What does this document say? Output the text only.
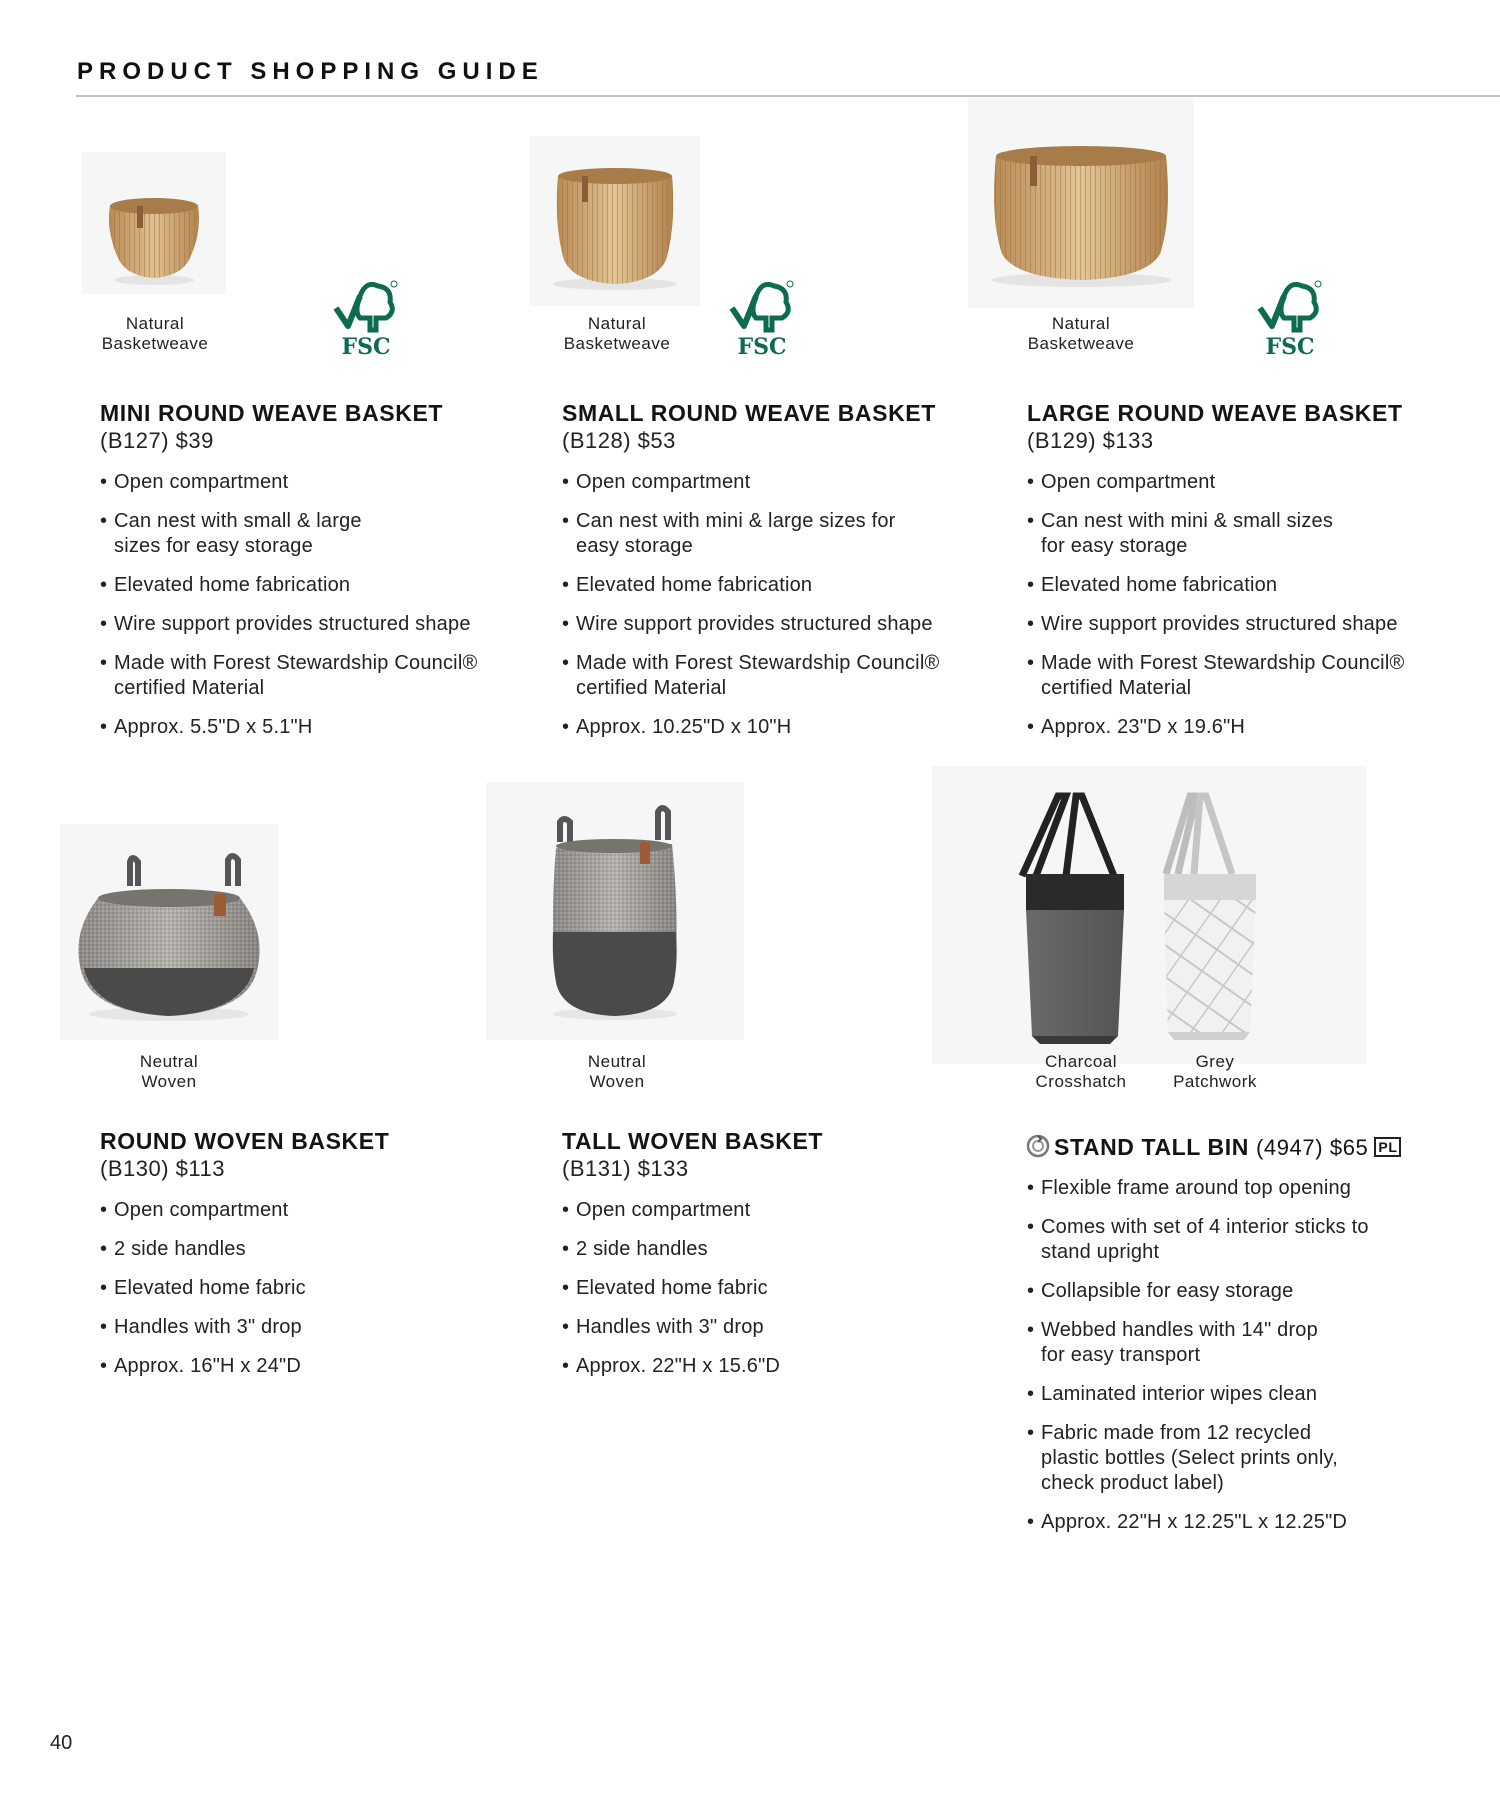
PRODUCT SHOPPING GUIDE
Natural
Basketweave	FSC
MINI ROUND WEAVE BASKET
(B127) $39
• Open compartment
• Can nest with small & large sizes for easy storage
• Elevated home fabrication
• Wire support provides structured shape
• Made with Forest Stewardship Council® certified Material
• Approx. 5.5"D x 5.1"H
Natural
Basketweave	FSC
SMALL ROUND WEAVE BASKET
(B128) $53
• Open compartment
• Can nest with mini & large sizes for easy storage
• Elevated home fabrication
• Wire support provides structured shape
• Made with Forest Stewardship Council® certified Material
• Approx. 10.25"D x 10"H
Natural
Basketweave	FSC
LARGE ROUND WEAVE BASKET
(B129) $133
• Open compartment
• Can nest with mini & small sizes for easy storage
• Elevated home fabrication
• Wire support provides structured shape
• Made with Forest Stewardship Council® certified Material
• Approx. 23"D x 19.6"H
Neutral
Woven
ROUND WOVEN BASKET
(B130) $113
• Open compartment
• 2 side handles
• Elevated home fabric
• Handles with 3" drop
• Approx. 16"H x 24"D
Neutral
Woven
TALL WOVEN BASKET
(B131) $133
• Open compartment
• 2 side handles
• Elevated home fabric
• Handles with 3" drop
• Approx. 22"H x 15.6"D
Charcoal
Crosshatch
Grey
Patchwork
STAND TALL BIN (4947) $65 PL
• Flexible frame around top opening
• Comes with set of 4 interior sticks to stand upright
• Collapsible for easy storage
• Webbed handles with 14" drop for easy transport
• Laminated interior wipes clean
• Fabric made from 12 recycled plastic bottles (Select prints only, check product label)
• Approx. 22"H x 12.25"L x 12.25"D
40
